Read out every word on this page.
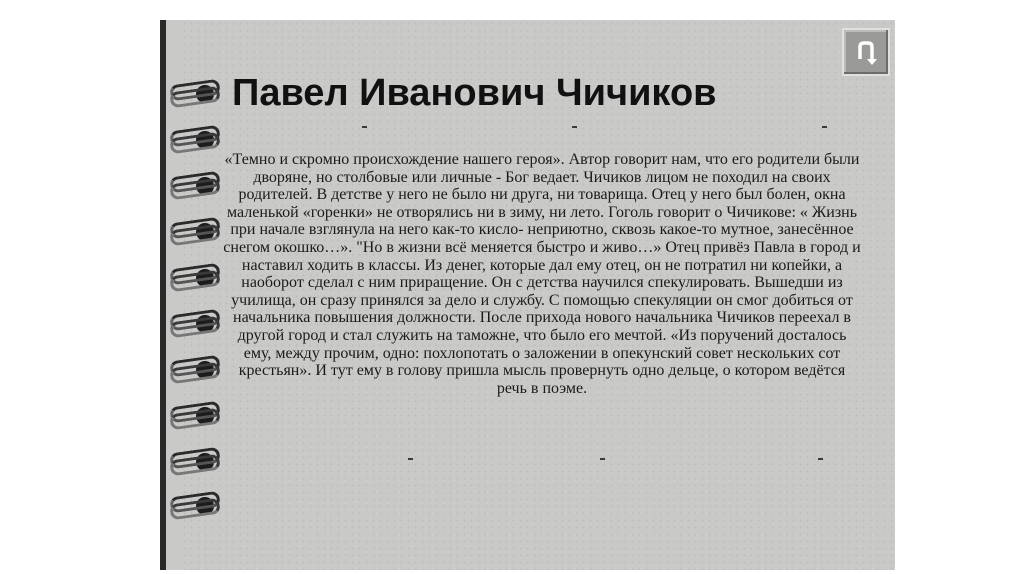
Павел Иванович Чичиков

«Темно и скромно происхождение нашего героя». Автор говорит нам, что его родители были дворяне, но столбовые или личные - Бог ведает. Чичиков лицом не походил на своих родителей. В детстве у него не было ни друга, ни товарища. Отец у него был болен, окна маленькой «горенки» не отворялись ни в зиму, ни лето. Гоголь говорит о Чичикове: « Жизнь при начале взглянула на него как-то кисло- неприютно, сквозь какое-то мутное, занесённое снегом окошко…». "Но в жизни всё меняется быстро и живо…» Отец привёз Павла в город и наставил ходить в классы. Из денег, которые дал ему отец, он не потратил ни копейки, а наоборот сделал с ним приращение. Он с детства научился спекулировать. Вышедши из училища, он сразу принялся за дело и службу. С помощью спекуляции он смог добиться от начальника повышения должности. После прихода нового начальника Чичиков переехал в другой город и стал служить на таможне, что было его мечтой. «Из поручений досталось ему, между прочим, одно: похлопотать о заложении в опекунский совет нескольких сот крестьян». И тут ему в голову пришла мысль провернуть одно дельце, о котором ведётся речь в поэме.
